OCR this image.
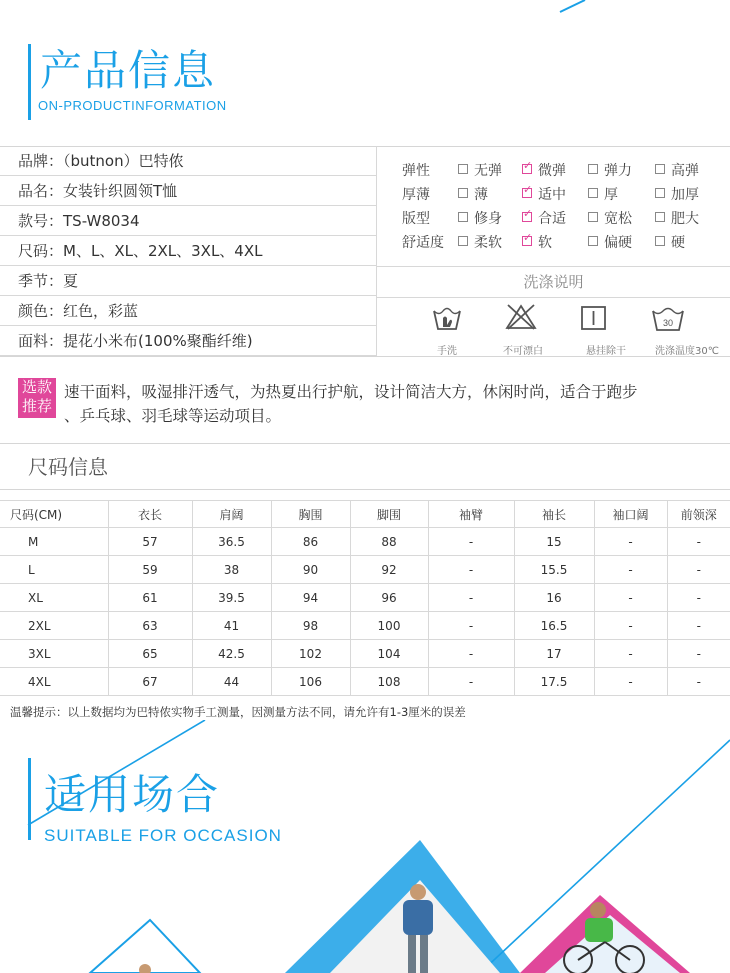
产品信息
ON-PRODUCTINFORMATION
品牌：（butnon）巴特侬
品名：女装针织圆领T恤
款号：TS-W8034
尺码：M、L、XL、2XL、3XL、4XL
季节：夏
颜色：红色，彩蓝
面料：提花小米布(100%聚酯纤维)
弹性	无弹 ✓	微弹	弹力	高弹
厚薄	薄 ✓	适中	厚	加厚
版型	修身 ✓	合适	宽松	肥大
舒适度	柔软 ✓	软	偏硬	硬
洗涤说明
30
手洗	不可漂白	悬挂除干	洗涤温度30℃
选款
推荐
速干面料，吸湿排汗透气，为热夏出行护航，设计简洁大方，休闲时尚，适合于跑步
、乒乓球、羽毛球等运动项目。
尺码信息
尺码(CM)	衣长	肩阔	胸围	脚围	袖臂	袖长	袖口阔	前领深
M	57	36.5	86	88	-	15	-	-
L	59	38	90	92	-	15.5	-	-
XL	61	39.5	94	96	-	16	-	-
2XL	63	41	98	100	-	16.5	-	-
3XL	65	42.5	102	104	-	17	-	-
4XL	67	44	106	108	-	17.5	-	-
温馨提示：以上数据均为巴特侬实物手工测量，因测量方法不同，请允许有1-3厘米的误差
适用场合
SUITABLE FOR OCCASION
